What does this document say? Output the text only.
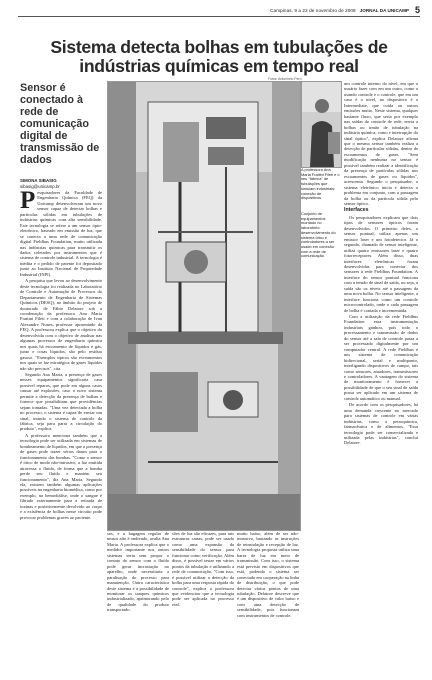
Campinas, 9 a 22 de novembro de 2009 JORNAL DA UNICAMP 5
Sistema detecta bolhas em tubulações de indústrias químicas em tempo real
Sensor é conectado à rede de comunicação digital de transmissão de dados
SIMONA SIBASIG
sibasig@unicamp.br

Pesquisadores da Faculdade de Engenharia Química (FEQ) da Unicamp desenvolveram um novo sensor capaz de detectar bolhas e partículas sólidas em tubulações de indústrias químicas com alta sensibilidade. Este tecnologia se refere a um sensor ópto-eletrônico, baseado em emissão de luz, que se conecta a uma rede de comunicação digital Fieldbus Foundation, muito utilizada nas indústrias químicas para transmitir os dados coletados por instrumentos que é sistema de controle industrial. A tecnologia é inédita e o pedido de patente foi depositado junto ao Instituto Nacional de Propriedade Industrial (INPI).

A pesquisa que levou ao desenvolvimento deste tecnologia foi realizada no Laboratório de Controle e Automação de Processos do Departamento de Engenharia de Sistemas Químicos (DESQ), no âmbito do projeto de doutorado de Fábio Delatore sob a coordenação da professora Ana Maria Frattini Fileti e com a colaboração de Ivan Alexandre Nunes, professor aposentado da FEQ. A professora explica que o objetivo do desenvolvida com o objetivo de analisar nas algumas processos de engenharia química nos quais há escoamento de líquidos e gás, junto e cosas líquidos, são pelo resíduo gasoso. "Exemplos típicos são escoamentos nos quais se faz estratégica de gases líquidos não são precisos", cita.

Segundo Ana Maria, a presença de gases nesses equipamentos significaria casa possível reparos, que pode em alguns casos causar até explosões, caso o novo sistema permite a detecção da presença de bolhas e fornece que possibilitam que providências sejam tomadas. "Uma vez detectada a bolha no processo, o sistema é capaz de enviar um sinal, usando o sistema de controle da fábrica, seja para parar a circulação do produto", explica.

A professora menciona também que a tecnologia pode ser utilizada em sistemas de bombeamento de líquidos, em que a presença de gases pode trazer sérios danos para o funcionamento das bombas. "Como o sensor é ótico de modo não-intrusivo, a luz emitida atravessa o fluído, de forma que a bomba perde seu fluído e mantém seu funcionamento", diz Ana Maria. Segundo ela, existem também algumas aplicações possíveis na engenharia biomédica, como por exemplo, na hemodiálise, onde o sangue é filtrado externamente para a retirada de toxinas e posteriormente devolvido ao corpo e a existência de bolhas nesse circuito pode provocar problemas graves ao paciente.

Fotos: Antoninho Perri
A professora Ana Maria Frattini Fileti e o seu "fábrica" de tubulações que simulam industriais: conexão de dispositivos
Conjunto de equipamentos montado no laboratório: desenvolvimento do sistema ótico e controladores a ser usado em conexão com a rede de comunicação

sos, e a bagagem regular de umsor alto é ondivado, avalia Ana Maria. A professora explica que o medidor importante nos outros sistemas seria sem propor o contato do sensor com o fluído pode gerar incrustação no aparelho, onde necessitaria a paralisação do processo para manutenção. Outra característica deste sistema é a possibilidade de monitorar os tanques químicos industrializado, aprimorando pelo de qualidade do produto transportado.

sões de luz são eficazes, para tais estruturas cartas, pode ser usado como uma expansão da sensibilidade do sensor para funcionar como verificação. Além disso, é possível testar em vários pontos da tubulação e utilizando a rede de comunicação. "Com isso, é possível utilizar a detecção da bolha para uma resposta rápida do controle", explica a professora que evidenciou que a tecnologia pode ser aplicada no processo real.

muito baixo, além de ser não-intrusivo, bastando as instruções de reinstalação e recepção de luz. A tecnologia proposta utiliza uma barra de luz em meio de transmissão. Com isso, o sistema está previsto em dispositivos que está, podendo o sistema ser conectado em cooperação na linha de distribuição, o que pode detectar vários pontos de uma tubulação. Delatore descreve que é um dispositivo de valor baixo e com uma detecção de sensibilidade, pois funcionam com instrumentos de controle.

um controle interno do nível, em que o usuário fazer com em um outro, como o usando controle e o controle, que em um caso é o nível, no dispositivo é o Intermediate, que cuida ou outros emissões muito. Neste sistema, qualquer bastante fluxo, que seria por exemplo nas saídas do controle de rede, envia a bolhas ou irmão de tubulação na indústria química, como e interrupção do sinal óptico", explica Delatore afirma que o mesmo sensor também realiza a detecção de partículas sólidas, dentro de escoamentos de gases. "Sem modificação nenhuma no sensor é possível também realizar a identificação da presença de partículas sólidas nos escoamentos de gases ou líquidos", acrescenta. Segundo o pesquisador, o sistema eletrônico inicia e detecta o problema em conjunto, com a passagem da bolha ou da partícula sólida pelo sensor óptico.

Interfaces

Os pesquisadores explicam que dois tipos de sensores ópticos foram desenvolvidos. O primeiro deles, o sensor pontual, utiliza apenas um emissor laser e um fotodetector. Já o segundo, chamado de sensor inteligente, utiliza quatro emissores laser e quatro fotorreceptores. Além disso, duas interfaces eletrônicas foram desenvolvidas para conectar dos sensores à rede Fieldbus Foundation. A interface do sensor pontual funciona com a tensão de sinal de saída, ou seja, a saída são os níveis até a passagem da uma nova bolha. No sensor inteligente, a interface funciona como um controle microcontrolado, onde o cada passagem de bolha é contada e incrementada.

Com a utilização da rede Fieldbus Foundation essa instrumentação industriais ganhou, pois todo o processamento e transmissão de dados do sensor até a sala de controle passa a ser processado digitalmente por um computador central. A rede Fieldbus é um sistema de comunicação bidirecional, serial e multiponto, interligando dispositivos de campo, tais como sensores, atuadores, transmissores e controladores. A vantagem do sistema de monitoramento é fornecer a possibilidade de que o seu sinal de saída possa ser aplicado em um sistema de controle automático ou manual.

De acordo com os pesquisadores, há uma demanda crescente no mercado para sistemas de controle em várias indústrias, como a petroquímica, farmacêutica e de alimentos. "Essa tecnologia pode ser comercializada e utilizada pelas indústrias", conclui Delatore.
